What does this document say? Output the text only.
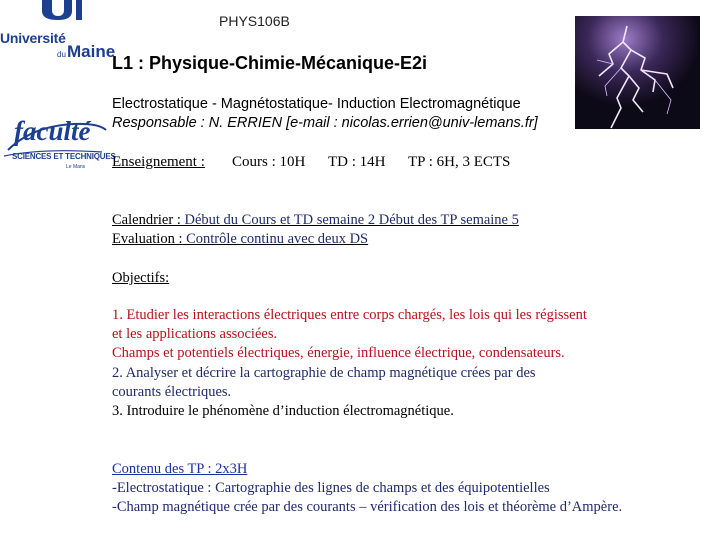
Université
du Maine
faculté
SCIENCES ET TECHNIQUES
Le Mans
PHYS106B
L1 : Physique-Chimie-Mécanique-E2i
Electrostatique - Magnétostatique- Induction Electromagnétique
Responsable : N. ERRIEN [e-mail : nicolas.errien@univ-lemans.fr]
Enseignement : Cours : 10H TD : 14H TP : 6H, 3 ECTS
Calendrier : Début du Cours et TD semaine 2 Début des TP semaine 5
Evaluation : Contrôle continu avec deux DS
Objectifs:
1. Etudier les interactions électriques entre corps chargés, les lois qui les régissent
et les applications associées.
Champs et potentiels électriques, énergie, influence électrique, condensateurs.
2. Analyser et décrire la cartographie de champ magnétique crées par des
courants électriques.
3. Introduire le phénomène d’induction électromagnétique.
Contenu des TP : 2x3H
-Electrostatique : Cartographie des lignes de champs et des équipotentielles
-Champ magnétique crée par des courants – vérification des lois et théorème d’Ampère.
